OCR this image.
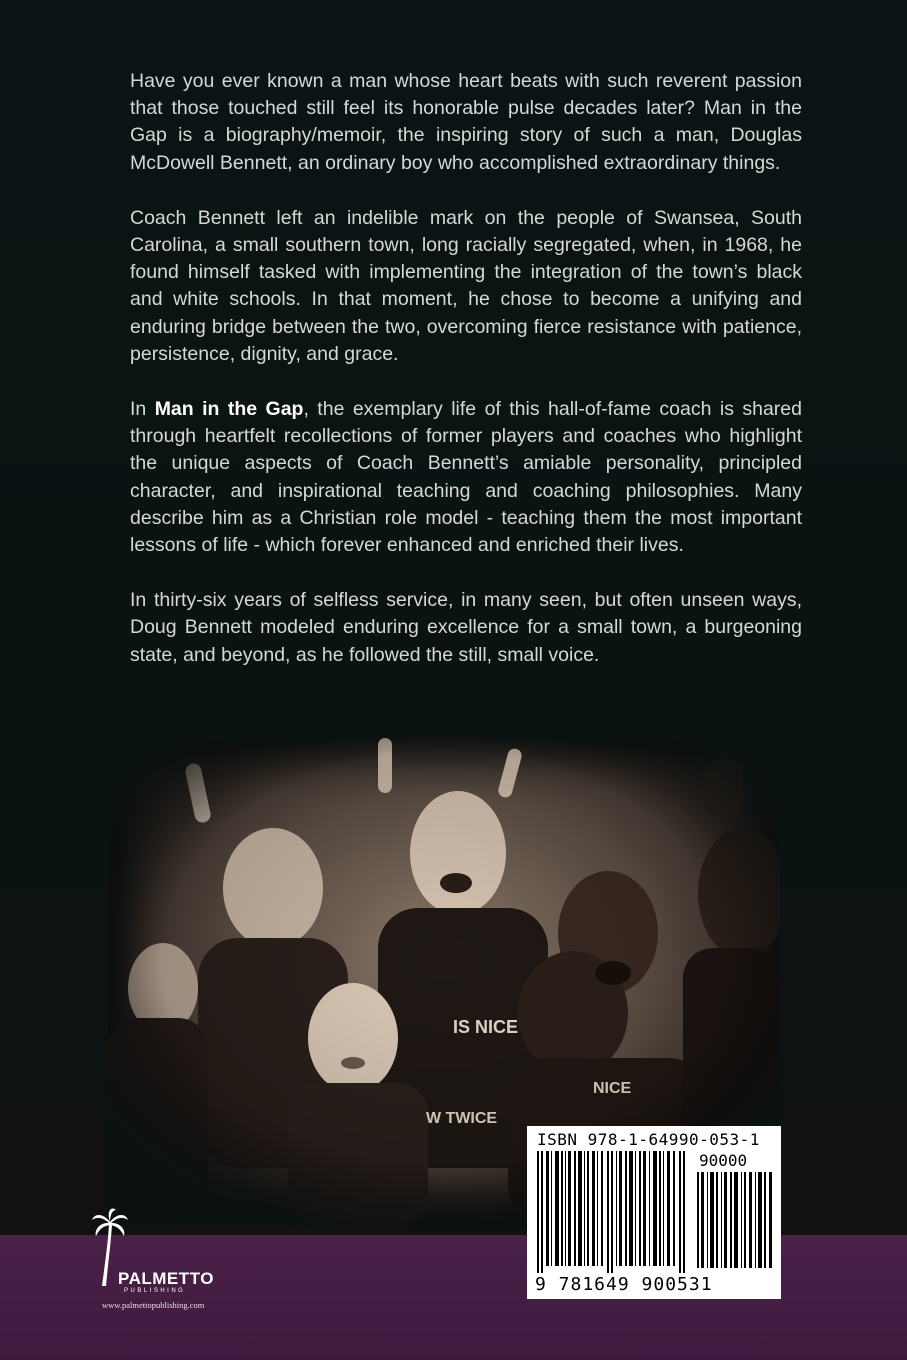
Have you ever known a man whose heart beats with such reverent passion that those touched still feel its honorable pulse decades later? Man in the Gap is a biography/memoir, the inspiring story of such a man, Douglas McDowell Bennett, an ordinary boy who accomplished extraordinary things.

Coach Bennett left an indelible mark on the people of Swansea, South Carolina, a small southern town, long racially segregated, when, in 1968, he found himself tasked with implementing the integration of the town’s black and white schools. In that moment, he chose to become a unifying and enduring bridge between the two, overcoming fierce resistance with patience, persistence, dignity, and grace.

In Man in the Gap, the exemplary life of this hall-of-fame coach is shared through heartfelt recollections of former players and coaches who highlight the unique aspects of Coach Bennett’s amiable personality, principled character, and inspirational teaching and coaching philosophies. Many describe him as a Christian role model - teaching them the most important lessons of life - which forever enhanced and enriched their lives.

In thirty-six years of selfless service, in many seen, but often unseen ways, Doug Bennett modeled enduring excellence for a small town, a burgeoning state, and beyond, as he followed the still, small voice.

ISBN 978-1-64990-053-1
90000
9 781649 900531
PALMETTO
PUBLISHING
www.palmettopublishing.com
